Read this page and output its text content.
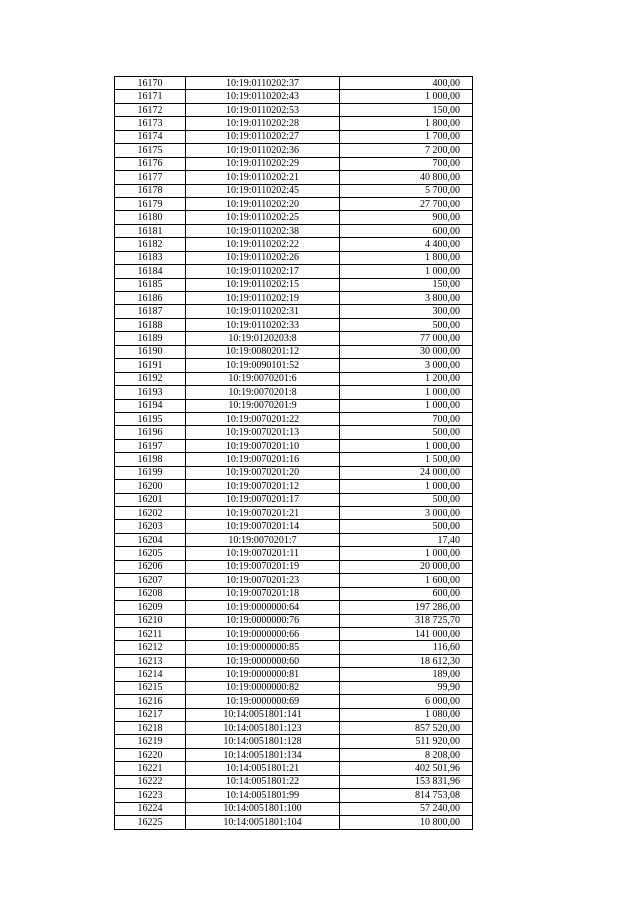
16170	10:19:0110202:37	400,00
16171	10:19:0110202:43	1 000,00
16172	10:19:0110202:53	150,00
16173	10:19:0110202:28	1 800,00
16174	10:19:0110202:27	1 700,00
16175	10:19:0110202:36	7 200,00
16176	10:19:0110202:29	700,00
16177	10:19:0110202:21	40 800,00
16178	10:19:0110202:45	5 700,00
16179	10:19:0110202:20	27 700,00
16180	10:19:0110202:25	900,00
16181	10:19:0110202:38	600,00
16182	10:19:0110202:22	4 400,00
16183	10:19:0110202:26	1 800,00
16184	10:19:0110202:17	1 000,00
16185	10:19:0110202:15	150,00
16186	10:19:0110202:19	3 800,00
16187	10:19:0110202:31	300,00
16188	10:19:0110202:33	500,00
16189	10:19:0120203:8	77 000,00
16190	10:19:0080201:12	30 000,00
16191	10:19:0090101:52	3 000,00
16192	10:19:0070201:6	1 200,00
16193	10:19:0070201:8	1 000,00
16194	10:19:0070201:9	1 000,00
16195	10:19:0070201:22	700,00
16196	10:19:0070201:13	500,00
16197	10:19:0070201:10	1 000,00
16198	10:19:0070201:16	1 500,00
16199	10:19:0070201:20	24 000,00
16200	10:19:0070201:12	1 000,00
16201	10:19:0070201:17	500,00
16202	10:19:0070201:21	3 000,00
16203	10:19:0070201:14	500,00
16204	10:19:0070201:7	17,40
16205	10:19:0070201:11	1 000,00
16206	10:19:0070201:19	20 000,00
16207	10:19:0070201:23	1 600,00
16208	10:19:0070201:18	600,00
16209	10:19:0000000:64	197 286,00
16210	10:19:0000000:76	318 725,70
16211	10:19:0000000:66	141 000,00
16212	10:19:0000000:85	116,60
16213	10:19:0000000:60	18 612,30
16214	10:19:0000000:81	189,00
16215	10:19:0000000:82	99,90
16216	10:19:0000000:69	6 000,00
16217	10:14:0051801:141	1 080,00
16218	10:14:0051801:123	857 520,00
16219	10:14:0051801:128	511 920,00
16220	10:14:0051801:134	8 208,00
16221	10:14:0051801:21	402 501,96
16222	10:14:0051801:22	153 831,96
16223	10:14:0051801:99	814 753,08
16224	10:14:0051801:100	57 240,00
16225	10:14:0051801:104	10 800,00
